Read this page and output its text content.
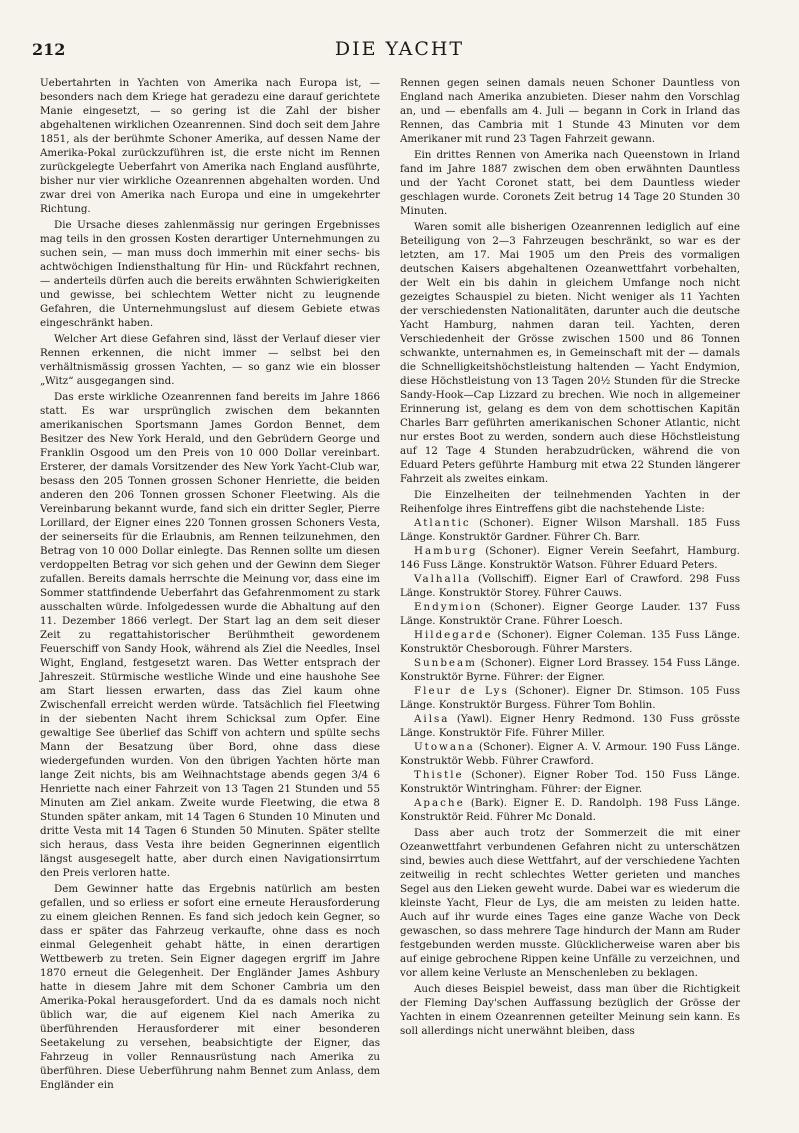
212	DIE YACHT

Uebertahrten in Yachten von Amerika nach Europa ist, — besonders nach dem Kriege hat geradezu eine darauf gerichtete Manie eingesetzt, — so gering ist die Zahl der bisher abgehaltenen wirklichen Ozeanrennen. Sind doch seit dem Jahre 1851, als der berühmte Schoner Amerika, auf dessen Name der Amerika-Pokal zurückzuführen ist, die erste nicht im Rennen zurückgelegte Ueberfahrt von Amerika nach England ausführte, bisher nur vier wirkliche Ozeanrennen abgehalten worden. Und zwar drei von Amerika nach Europa und eine in umgekehrter Richtung.

Die Ursache dieses zahlenmässig nur geringen Ergebnisses mag teils in den grossen Kosten derartiger Unternehmungen zu suchen sein, — man muss doch immerhin mit einer sechs- bis achtwöchigen Indiensthaltung für Hin- und Rückfahrt rechnen, — anderteils dürfen auch die bereits erwähnten Schwierigkeiten und gewisse, bei schlechtem Wetter nicht zu leugnende Gefahren, die Unternehmungslust auf diesem Gebiete etwas eingeschränkt haben.

Welcher Art diese Gefahren sind, lässt der Verlauf dieser vier Rennen erkennen, die nicht immer — selbst bei den verhältnismässig grossen Yachten, — so ganz wie ein blosser „Witz“ ausgegangen sind.

Das erste wirkliche Ozeanrennen fand bereits im Jahre 1866 statt. Es war ursprünglich zwischen dem bekannten amerikanischen Sportsmann James Gordon Bennet, dem Besitzer des New York Herald, und den Gebrüdern George und Franklin Osgood um den Preis von 10 000 Dollar vereinbart. Ersterer, der damals Vorsitzender des New York Yacht-Club war, besass den 205 Tonnen grossen Schoner Henriette, die beiden anderen den 206 Tonnen grossen Schoner Fleetwing. Als die Vereinbarung bekannt wurde, fand sich ein dritter Segler, Pierre Lorillard, der Eigner eines 220 Tonnen grossen Schoners Vesta, der seinerseits für die Erlaubnis, am Rennen teilzunehmen, den Betrag von 10 000 Dollar einlegte. Das Rennen sollte um diesen verdoppelten Betrag vor sich gehen und der Gewinn dem Sieger zufallen. Bereits damals herrschte die Meinung vor, dass eine im Sommer stattfindende Ueberfahrt das Gefahrenmoment zu stark ausschalten würde. Infolgedessen wurde die Abhaltung auf den 11. Dezember 1866 verlegt. Der Start lag an dem seit dieser Zeit zu regattahistorischer Berühmtheit gewordenem Feuerschiff von Sandy Hook, während als Ziel die Needles, Insel Wight, England, festgesetzt waren. Das Wetter entsprach der Jahreszeit. Stürmische westliche Winde und eine haushohe See am Start liessen erwarten, dass das Ziel kaum ohne Zwischenfall erreicht werden würde. Tatsächlich fiel Fleetwing in der siebenten Nacht ihrem Schicksal zum Opfer. Eine gewaltige See überlief das Schiff von achtern und spülte sechs Mann der Besatzung über Bord, ohne dass diese wiedergefunden wurden. Von den übrigen Yachten hörte man lange Zeit nichts, bis am Weihnachtstage abends gegen 3/4 6 Henriette nach einer Fahrzeit von 13 Tagen 21 Stunden und 55 Minuten am Ziel ankam. Zweite wurde Fleetwing, die etwa 8 Stunden später ankam, mit 14 Tagen 6 Stunden 10 Minuten und dritte Vesta mit 14 Tagen 6 Stunden 50 Minuten. Später stellte sich heraus, dass Vesta ihre beiden Gegnerinnen eigentlich längst ausgesegelt hatte, aber durch einen Navigationsirrtum den Preis verloren hatte.

Dem Gewinner hatte das Ergebnis natürlich am besten gefallen, und so erliess er sofort eine erneute Herausforderung zu einem gleichen Rennen. Es fand sich jedoch kein Gegner, so dass er später das Fahrzeug verkaufte, ohne dass es noch einmal Gelegenheit gehabt hätte, in einen derartigen Wettbewerb zu treten. Sein Eigner dagegen ergriff im Jahre 1870 erneut die Gelegenheit. Der Engländer James Ashbury hatte in diesem Jahre mit dem Schoner Cambria um den Amerika-Pokal herausgefordert. Und da es damals noch nicht üblich war, die auf eigenem Kiel nach Amerika zu überführenden Herausforderer mit einer besonderen Seetakelung zu versehen, beabsichtigte der Eigner, das Fahrzeug in voller Rennausrüstung nach Amerika zu überführen. Diese Ueberführung nahm Bennet zum Anlass, dem Engländer ein

Rennen gegen seinen damals neuen Schoner Dauntless von England nach Amerika anzubieten. Dieser nahm den Vorschlag an, und — ebenfalls am 4. Juli — begann in Cork in Irland das Rennen, das Cambria mit 1 Stunde 43 Minuten vor dem Amerikaner mit rund 23 Tagen Fahrzeit gewann.

Ein drittes Rennen von Amerika nach Queenstown in Irland fand im Jahre 1887 zwischen dem oben erwähnten Dauntless und der Yacht Coronet statt, bei dem Dauntless wieder geschlagen wurde. Coronets Zeit betrug 14 Tage 20 Stunden 30 Minuten.

Waren somit alle bisherigen Ozeanrennen lediglich auf eine Beteiligung von 2—3 Fahrzeugen beschränkt, so war es der letzten, am 17. Mai 1905 um den Preis des vormaligen deutschen Kaisers abgehaltenen Ozeanwettfahrt vorbehalten, der Welt ein bis dahin in gleichem Umfange noch nicht gezeigtes Schauspiel zu bieten. Nicht weniger als 11 Yachten der verschiedensten Nationalitäten, darunter auch die deutsche Yacht Hamburg, nahmen daran teil. Yachten, deren Verschiedenheit der Grösse zwischen 1500 und 86 Tonnen schwankte, unternahmen es, in Gemeinschaft mit der — damals die Schnelligkeitshöchstleistung haltenden — Yacht Endymion, diese Höchstleistung von 13 Tagen 20½ Stunden für die Strecke Sandy-Hook—Cap Lizzard zu brechen. Wie noch in allgemeiner Erinnerung ist, gelang es dem von dem schottischen Kapitän Charles Barr geführten amerikanischen Schoner Atlantic, nicht nur erstes Boot zu werden, sondern auch diese Höchstleistung auf 12 Tage 4 Stunden herabzudrücken, während die von Eduard Peters geführte Hamburg mit etwa 22 Stunden längerer Fahrzeit als zweites einkam.

Die Einzelheiten der teilnehmenden Yachten in der Reihenfolge ihres Eintreffens gibt die nachstehende Liste:

Atlantic (Schoner). Eigner Wilson Marshall. 185 Fuss Länge. Konstruktör Gardner. Führer Ch. Barr.

Hamburg (Schoner). Eigner Verein Seefahrt, Hamburg. 146 Fuss Länge. Konstruktör Watson. Führer Eduard Peters.

Valhalla (Vollschiff). Eigner Earl of Crawford. 298 Fuss Länge. Konstruktör Storey. Führer Cauws.

Endymion (Schoner). Eigner George Lauder. 137 Fuss Länge. Konstruktör Crane. Führer Loesch.

Hildegarde (Schoner). Eigner Coleman. 135 Fuss Länge. Konstruktör Chesborough. Führer Marsters.

Sunbeam (Schoner). Eigner Lord Brassey. 154 Fuss Länge. Konstruktör Byrne. Führer: der Eigner.

Fleur de Lys (Schoner). Eigner Dr. Stimson. 105 Fuss Länge. Konstruktör Burgess. Führer Tom Bohlin.

Ailsa (Yawl). Eigner Henry Redmond. 130 Fuss grösste Länge. Konstruktör Fife. Führer Miller.

Utowana (Schoner). Eigner A. V. Armour. 190 Fuss Länge. Konstruktör Webb. Führer Crawford.

Thistle (Schoner). Eigner Rober Tod. 150 Fuss Länge. Konstruktör Wintringham. Führer: der Eigner.

Apache (Bark). Eigner E. D. Randolph. 198 Fuss Länge. Konstruktör Reid. Führer Mc Donald.

Dass aber auch trotz der Sommerzeit die mit einer Ozeanwettfahrt verbundenen Gefahren nicht zu unterschätzen sind, bewies auch diese Wettfahrt, auf der verschiedene Yachten zeitweilig in recht schlechtes Wetter gerieten und manches Segel aus den Lieken geweht wurde. Dabei war es wiederum die kleinste Yacht, Fleur de Lys, die am meisten zu leiden hatte. Auch auf ihr wurde eines Tages eine ganze Wache von Deck gewaschen, so dass mehrere Tage hindurch der Mann am Ruder festgebunden werden musste. Glücklicherweise waren aber bis auf einige gebrochene Rippen keine Unfälle zu verzeichnen, und vor allem keine Verluste an Menschenleben zu beklagen.

Auch dieses Beispiel beweist, dass man über die Richtigkeit der Fleming Day'schen Auffassung bezüglich der Grösse der Yachten in einem Ozeanrennen geteilter Meinung sein kann. Es soll allerdings nicht unerwähnt bleiben, dass
